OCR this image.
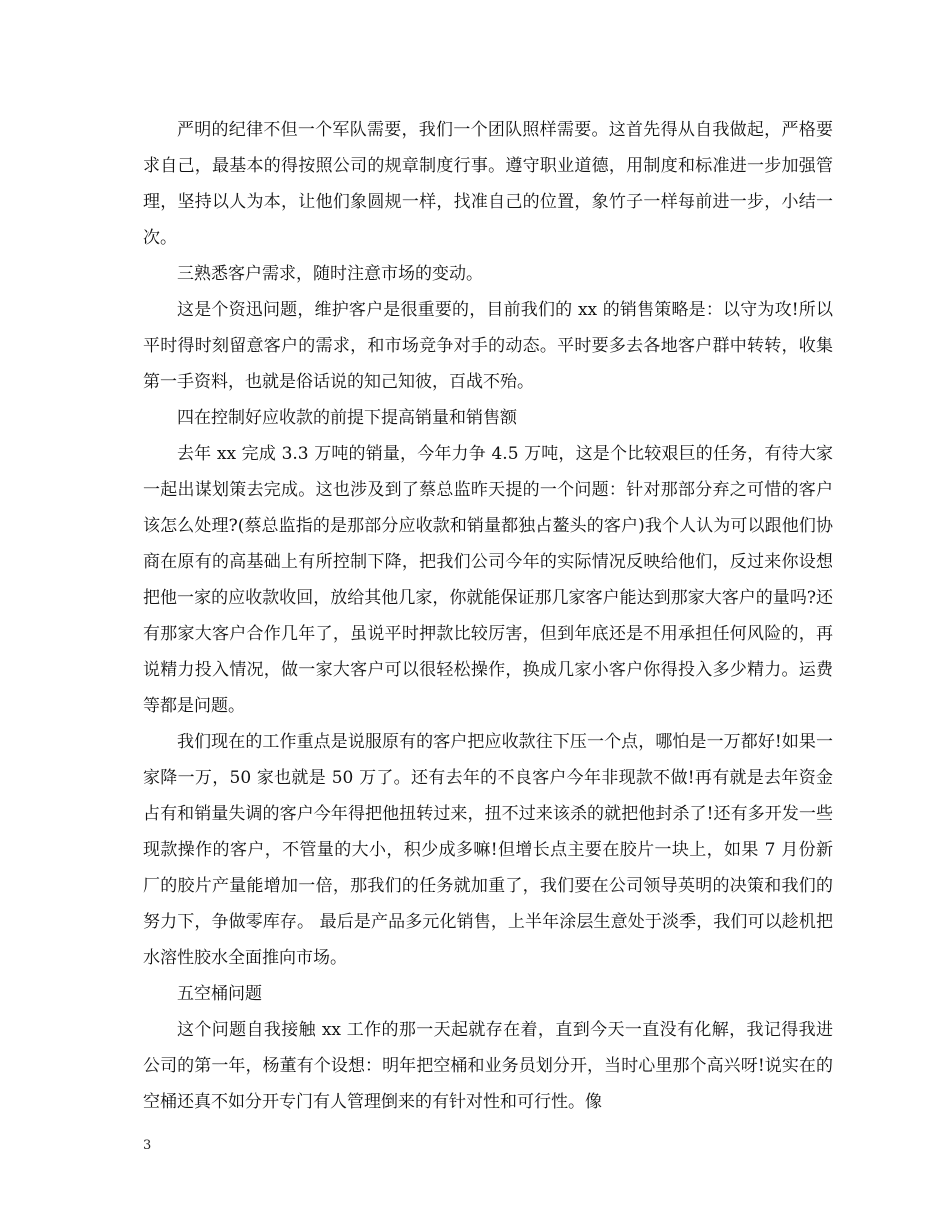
严明的纪律不但一个军队需要，我们一个团队照样需要。这首先得从自我做起，严格要求自己，最基本的得按照公司的规章制度行事。遵守职业道德，用制度和标准进一步加强管理，坚持以人为本，让他们象圆规一样，找准自己的位置，象竹子一样每前进一步，小结一次。

三熟悉客户需求，随时注意市场的变动。

这是个资迅问题，维护客户是很重要的，目前我们的 xx 的销售策略是：以守为攻!所以平时得时刻留意客户的需求，和市场竞争对手的动态。平时要多去各地客户群中转转，收集第一手资料，也就是俗话说的知己知彼，百战不殆。

四在控制好应收款的前提下提高销量和销售额

去年 xx 完成 3.3 万吨的销量，今年力争 4.5 万吨，这是个比较艰巨的任务，有待大家一起出谋划策去完成。这也涉及到了蔡总监昨天提的一个问题：针对那部分弃之可惜的客户该怎么处理?(蔡总监指的是那部分应收款和销量都独占鳌头的客户)我个人认为可以跟他们协商在原有的高基础上有所控制下降，把我们公司今年的实际情况反映给他们，反过来你设想把他一家的应收款收回，放给其他几家，你就能保证那几家客户能达到那家大客户的量吗?还有那家大客户合作几年了，虽说平时押款比较厉害，但到年底还是不用承担任何风险的，再说精力投入情况，做一家大客户可以很轻松操作，换成几家小客户你得投入多少精力。运费等都是问题。

我们现在的工作重点是说服原有的客户把应收款往下压一个点，哪怕是一万都好!如果一家降一万，50 家也就是 50 万了。还有去年的不良客户今年非现款不做!再有就是去年资金占有和销量失调的客户今年得把他扭转过来，扭不过来该杀的就把他封杀了!还有多开发一些现款操作的客户，不管量的大小，积少成多嘛!但增长点主要在胶片一块上，如果 7 月份新厂的胶片产量能增加一倍，那我们的任务就加重了，我们要在公司领导英明的决策和我们的努力下，争做零库存。 最后是产品多元化销售，上半年涂层生意处于淡季，我们可以趁机把水溶性胶水全面推向市场。

五空桶问题

这个问题自我接触 xx 工作的那一天起就存在着，直到今天一直没有化解，我记得我进公司的第一年，杨董有个设想：明年把空桶和业务员划分开，当时心里那个高兴呀!说实在的空桶还真不如分开专门有人管理倒来的有针对性和可行性。像

3
